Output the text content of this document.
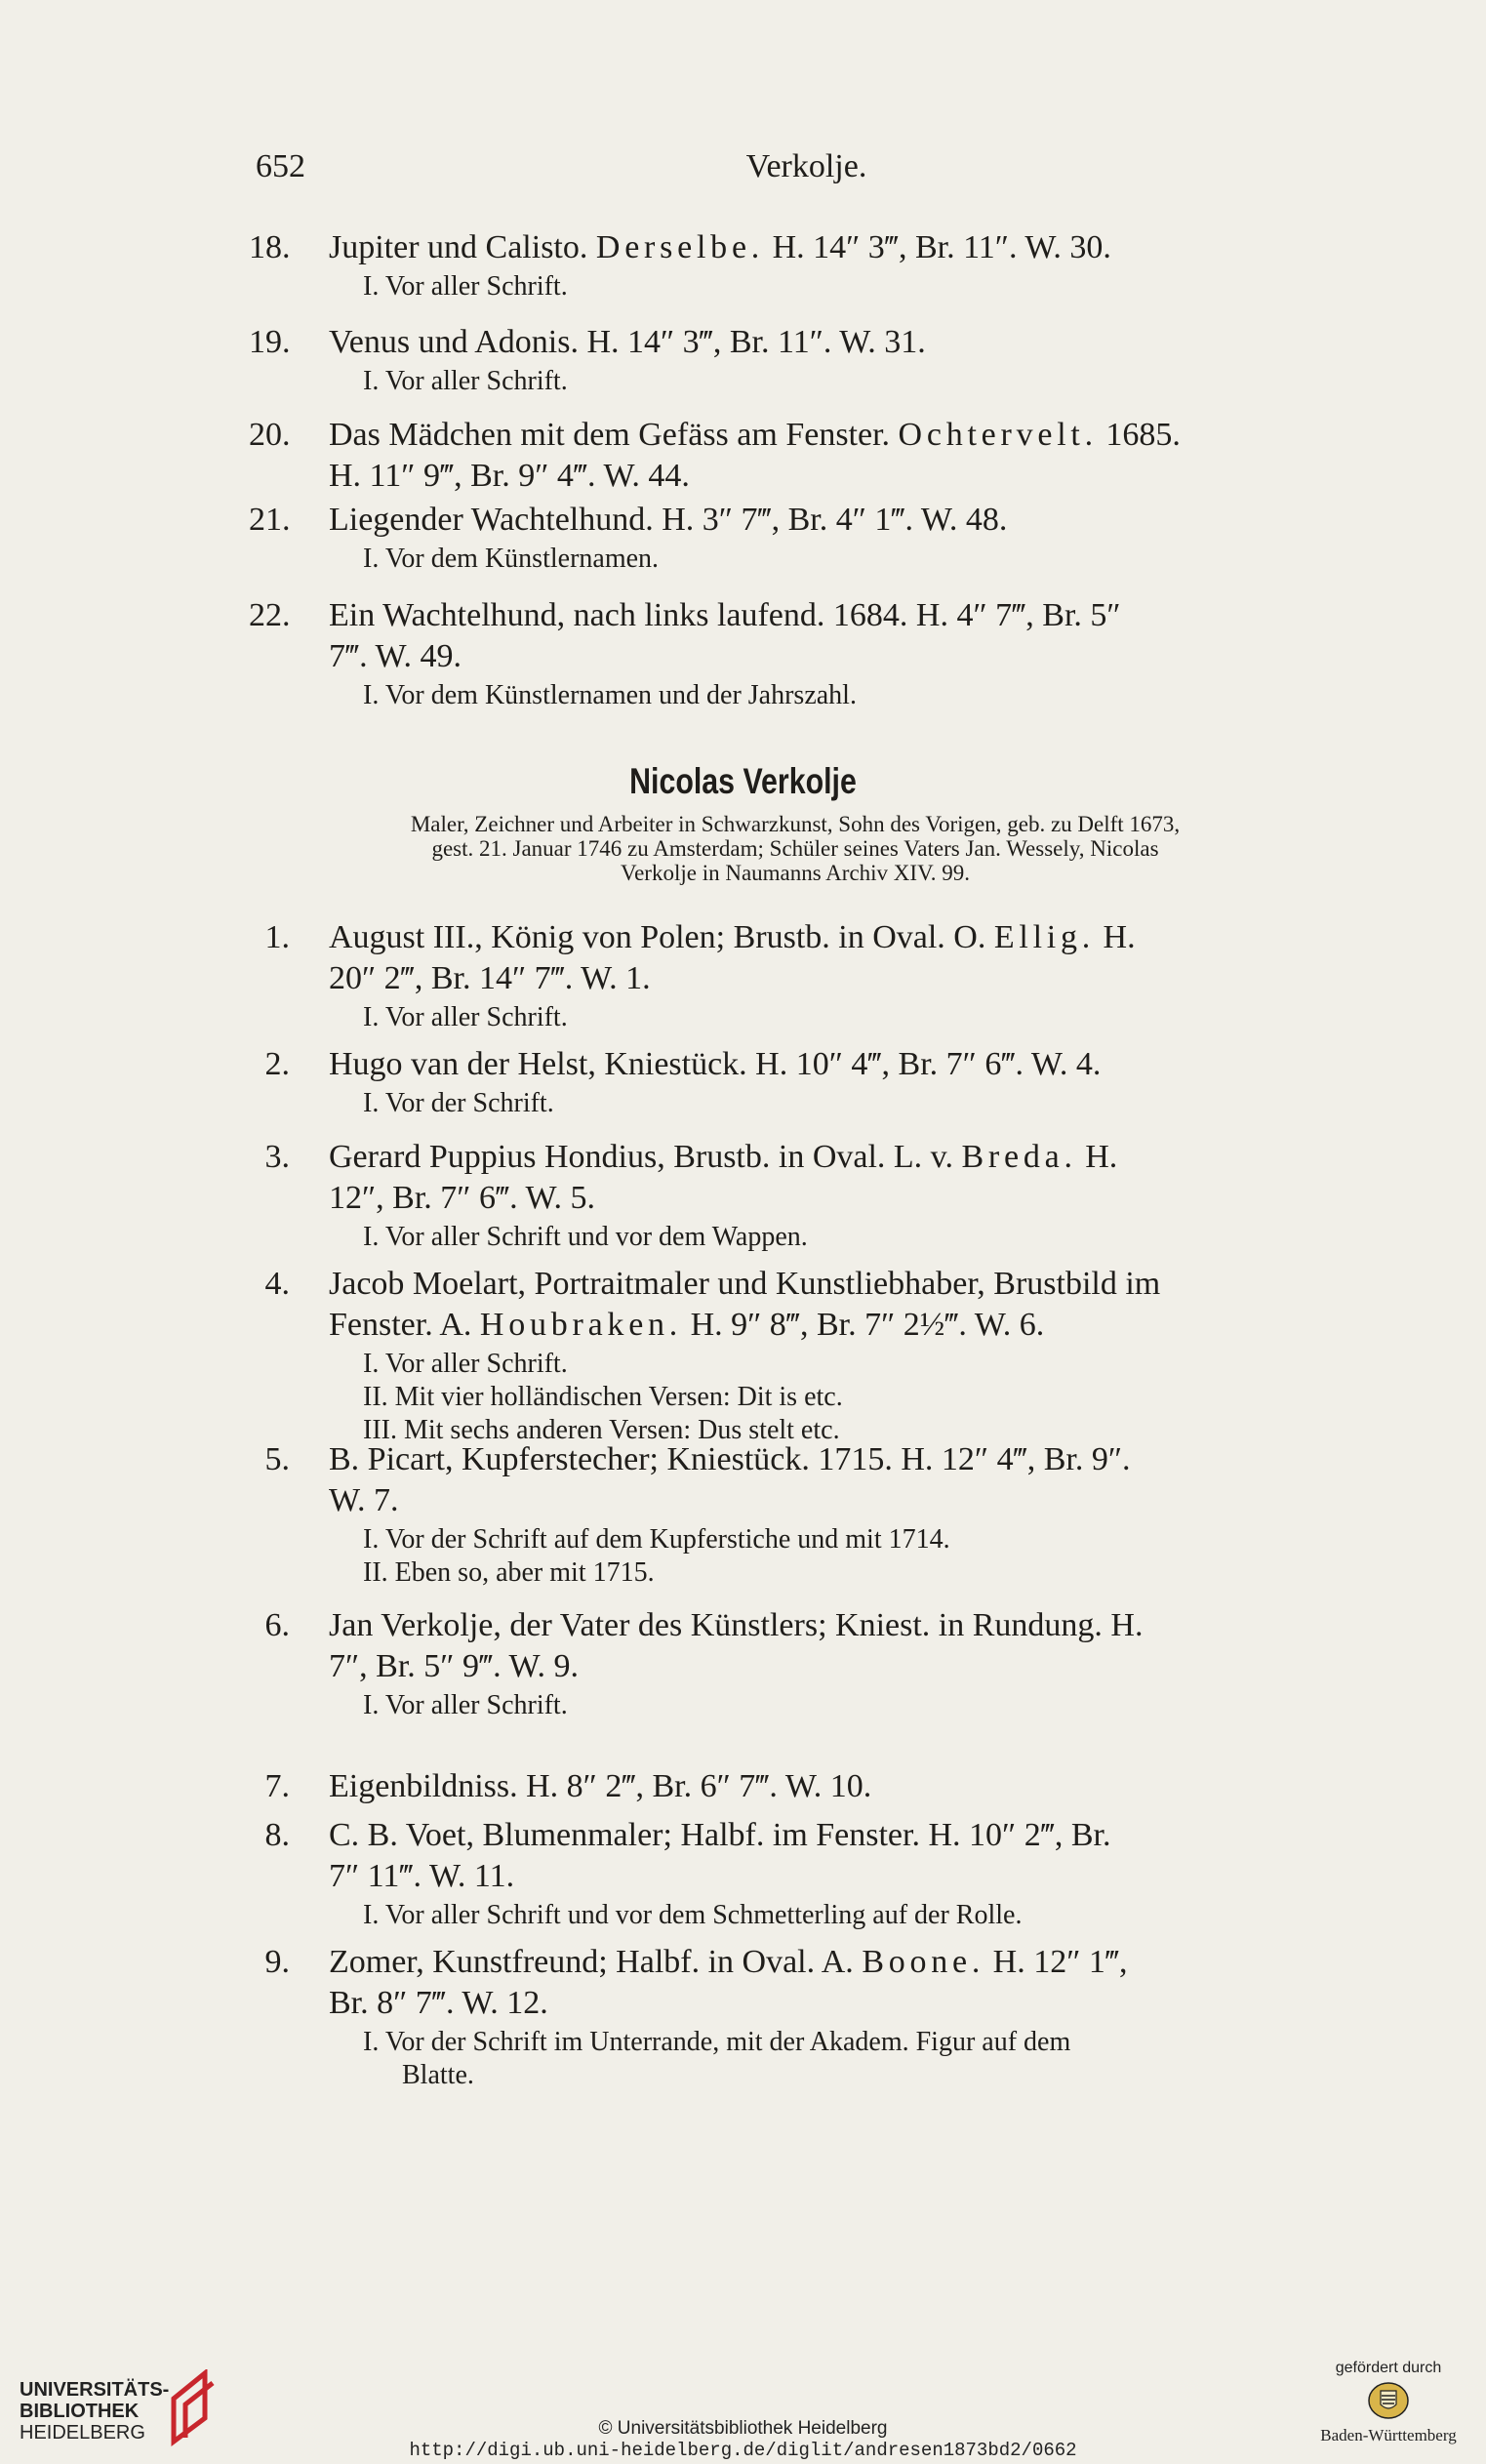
652	Verkolje.
18. Jupiter und Calisto. Derselbe. H. 14″ 3‴, Br. 11″. W. 30.
I. Vor aller Schrift.
19. Venus und Adonis. H. 14″ 3‴, Br. 11″. W. 31.
I. Vor aller Schrift.
20. Das Mädchen mit dem Gefäss am Fenster. Ochtervelt. 1685.
H. 11″ 9‴, Br. 9″ 4‴. W. 44.
21. Liegender Wachtelhund. H. 3″ 7‴, Br. 4″ 1‴. W. 48.
I. Vor dem Künstlernamen.
22. Ein Wachtelhund, nach links laufend. 1684. H. 4″ 7‴, Br. 5″
7‴. W. 49.
I. Vor dem Künstlernamen und der Jahrszahl.
Nicolas Verkolje
Maler, Zeichner und Arbeiter in Schwarzkunst, Sohn des Vorigen, geb. zu Delft 1673,
gest. 21. Januar 1746 zu Amsterdam; Schüler seines Vaters Jan. Wessely, Nicolas
Verkolje in Naumanns Archiv XIV. 99.
1. August III., König von Polen; Brustb. in Oval. O. Ellig. H.
20″ 2‴, Br. 14″ 7‴. W. 1.
I. Vor aller Schrift.
2. Hugo van der Helst, Kniestück. H. 10″ 4‴, Br. 7″ 6‴. W. 4.
I. Vor der Schrift.
3. Gerard Puppius Hondius, Brustb. in Oval. L. v. Breda. H.
12″, Br. 7″ 6‴. W. 5.
I. Vor aller Schrift und vor dem Wappen.
4. Jacob Moelart, Portraitmaler und Kunstliebhaber, Brustbild im
Fenster. A. Houbraken. H. 9″ 8‴, Br. 7″ 2½‴. W. 6.
I. Vor aller Schrift.
II. Mit vier holländischen Versen: Dit is etc.
III. Mit sechs anderen Versen: Dus stelt etc.
5. B. Picart, Kupferstecher; Kniestück. 1715. H. 12″ 4‴, Br. 9″.
W. 7.
I. Vor der Schrift auf dem Kupferstiche und mit 1714.
II. Eben so, aber mit 1715.
6. Jan Verkolje, der Vater des Künstlers; Kniest. in Rundung. H.
7″, Br. 5″ 9‴. W. 9.
I. Vor aller Schrift.
7. Eigenbildniss. H. 8″ 2‴, Br. 6″ 7‴. W. 10.
8. C. B. Voet, Blumenmaler; Halbf. im Fenster. H. 10″ 2‴, Br.
7″ 11‴. W. 11.
I. Vor aller Schrift und vor dem Schmetterling auf der Rolle.
9. Zomer, Kunstfreund; Halbf. in Oval. A. Boone. H. 12″ 1‴,
Br. 8″ 7‴. W. 12.
I. Vor der Schrift im Unterrande, mit der Akadem. Figur auf dem
Blatte.
UNIVERSITÄTS-
BIBLIOTHEK
HEIDELBERG	© Universitätsbibliothek Heidelberg
http://digi.ub.uni-heidelberg.de/diglit/andresen1873bd2/0662
gefördert durch
Baden-Württemberg
